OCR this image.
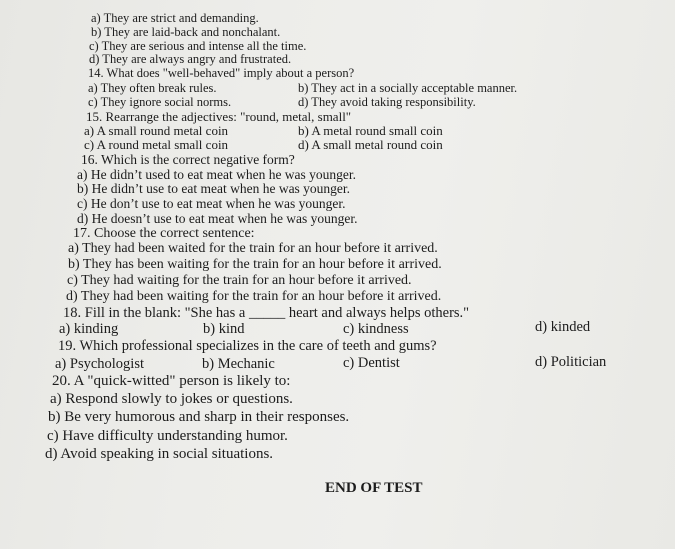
a) They are strict and demanding.
b) They are laid-back and nonchalant.
c) They are serious and intense all the time.
d) They are always angry and frustrated.
14. What does "well-behaved" imply about a person?
a) They often break rules.	b) They act in a socially acceptable manner.
c) They ignore social norms.	d) They avoid taking responsibility.
15. Rearrange the adjectives: "round, metal, small"
a) A small round metal coin	b) A metal round small coin
c) A round metal small coin	d) A small metal round coin
16. Which is the correct negative form?
a) He didn’t used to eat meat when he was younger.
b) He didn’t use to eat meat when he was younger.
c) He don’t use to eat meat when he was younger.
d) He doesn’t use to eat meat when he was younger.
17. Choose the correct sentence:
a) They had been waited for the train for an hour before it arrived.
b) They has been waiting for the train for an hour before it arrived.
c) They had waiting for the train for an hour before it arrived.
d) They had been waiting for the train for an hour before it arrived.
18. Fill in the blank: "She has a _____ heart and always helps others."
a) kinding	b) kind	c) kindness	d) kinded
19. Which professional specializes in the care of teeth and gums?
a) Psychologist	b) Mechanic	c) Dentist	d) Politician
20. A "quick-witted" person is likely to:
a) Respond slowly to jokes or questions.
b) Be very humorous and sharp in their responses.
c) Have difficulty understanding humor.
d) Avoid speaking in social situations.
END OF TEST
